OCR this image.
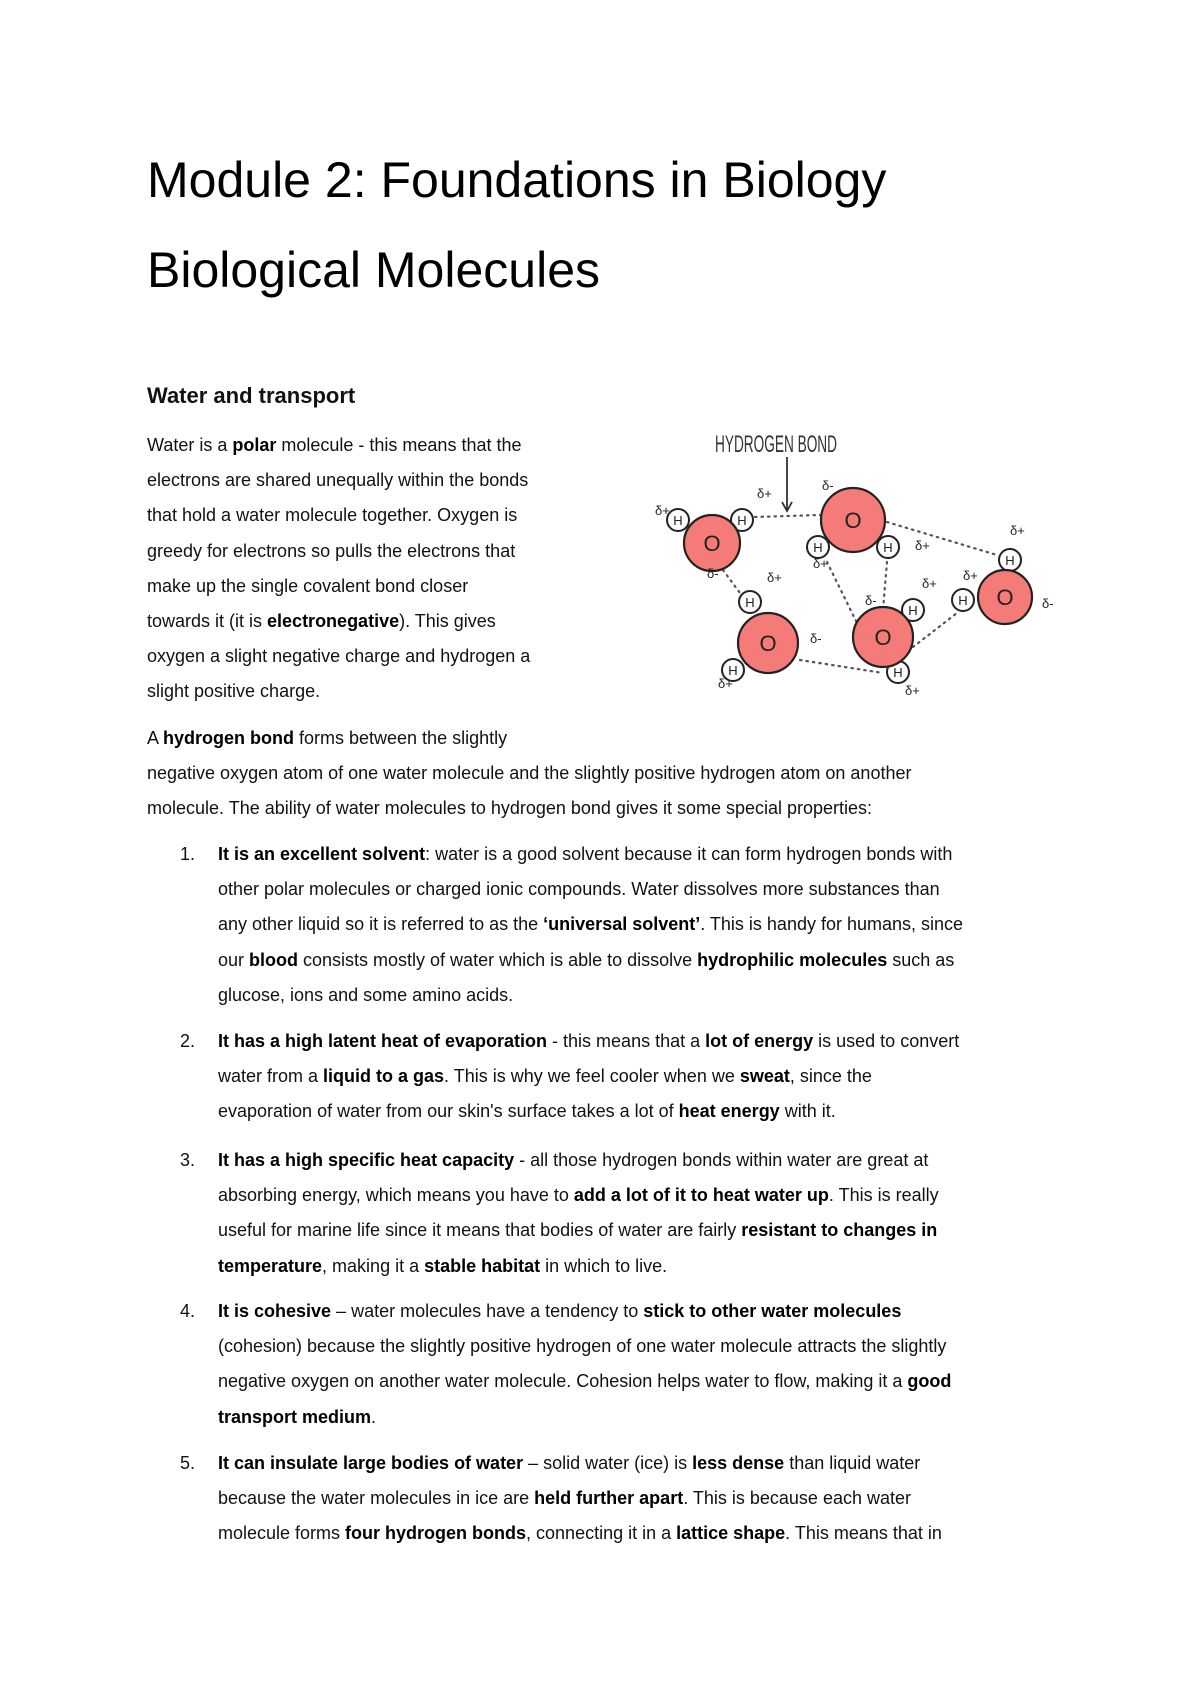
Module 2: Foundations in Biology
Biological Molecules
Water and transport
Water is a polar molecule - this means that the
electrons are shared unequally within the bonds
that hold a water molecule together. Oxygen is
greedy for electrons so pulls the electrons that
make up the single covalent bond closer
towards it (it is electronegative). This gives
oxygen a slight negative charge and hydrogen a
slight positive charge.
A hydrogen bond forms between the slightly
negative oxygen atom of one water molecule and the slightly positive hydrogen atom on another
molecule. The ability of water molecules to hydrogen bond gives it some special properties:
1. It is an excellent solvent: water is a good solvent because it can form hydrogen bonds with
other polar molecules or charged ionic compounds. Water dissolves more substances than
any other liquid so it is referred to as the ‘universal solvent’. This is handy for humans, since
our blood consists mostly of water which is able to dissolve hydrophilic molecules such as
glucose, ions and some amino acids.
2. It has a high latent heat of evaporation - this means that a lot of energy is used to convert
water from a liquid to a gas. This is why we feel cooler when we sweat, since the
evaporation of water from our skin's surface takes a lot of heat energy with it.
3. It has a high specific heat capacity - all those hydrogen bonds within water are great at
absorbing energy, which means you have to add a lot of it to heat water up. This is really
useful for marine life since it means that bodies of water are fairly resistant to changes in
temperature, making it a stable habitat in which to live.
4. It is cohesive – water molecules have a tendency to stick to other water molecules
(cohesion) because the slightly positive hydrogen of one water molecule attracts the slightly
negative oxygen on another water molecule. Cohesion helps water to flow, making it a good
transport medium.
5. It can insulate large bodies of water – solid water (ice) is less dense than liquid water
because the water molecules in ice are held further apart. This is because each water
molecule forms four hydrogen bonds, connecting it in a lattice shape. This means that in
HYDROGEN BOND
H	H
O	H	H
O
H
H
O
H
H
O
H
H O
δ+
δ+
δ-
δ-
δ+
δ+
δ+
δ-
δ+
δ-
δ+
δ+
δ+
δ+
δ-
